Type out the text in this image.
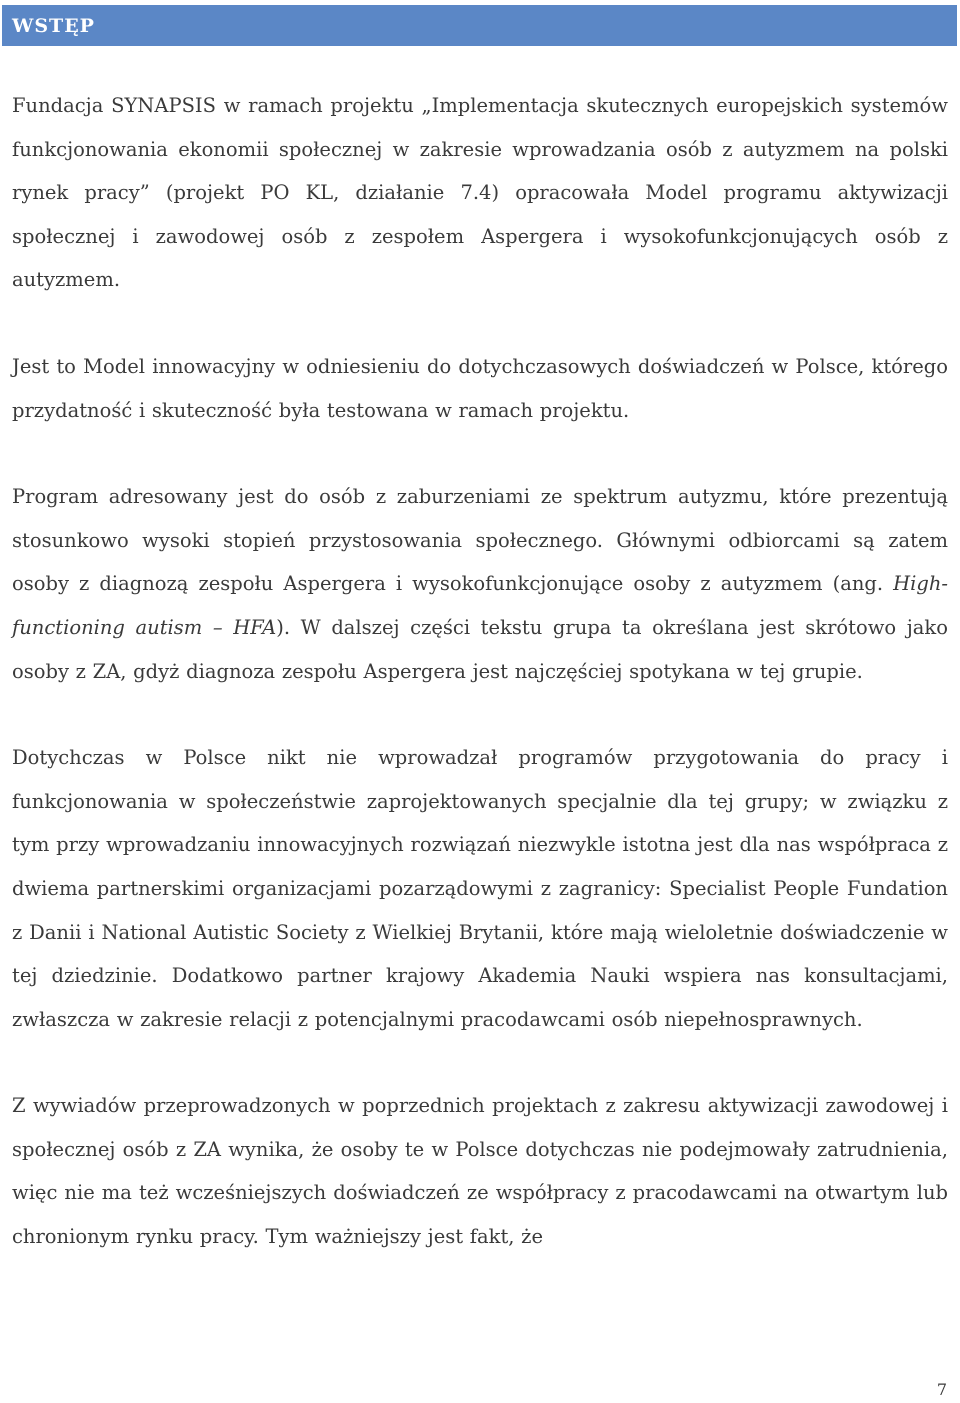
WSTĘP

Fundacja SYNAPSIS w ramach projektu „Implementacja skutecznych europejskich systemów funkcjonowania ekonomii społecznej w zakresie wprowadzania osób z autyzmem na polski rynek pracy” (projekt PO KL, działanie 7.4) opracowała Model programu aktywizacji społecznej i zawodowej osób z zespołem Aspergera i wysokofunkcjonujących osób z autyzmem.

Jest to Model innowacyjny w odniesieniu do dotychczasowych doświadczeń w Polsce, którego przydatność i skuteczność była testowana w ramach projektu.

Program adresowany jest do osób z zaburzeniami ze spektrum autyzmu, które prezentują stosunkowo wysoki stopień przystosowania społecznego. Głównymi odbiorcami są zatem osoby z diagnozą zespołu Aspergera i wysokofunkcjonujące osoby z autyzmem (ang. High-functioning autism – HFA). W dalszej części tekstu grupa ta określana jest skrótowo jako osoby z ZA, gdyż diagnoza zespołu Aspergera jest najczęściej spotykana w tej grupie.

Dotychczas w Polsce nikt nie wprowadzał programów przygotowania do pracy i funkcjonowania w społeczeństwie zaprojektowanych specjalnie dla tej grupy; w związku z tym przy wprowadzaniu innowacyjnych rozwiązań niezwykle istotna jest dla nas współpraca z dwiema partnerskimi organizacjami pozarządowymi z zagranicy: Specialist People Fundation z Danii i National Autistic Society z Wielkiej Brytanii, które mają wieloletnie doświadczenie w tej dziedzinie. Dodatkowo partner krajowy Akademia Nauki wspiera nas konsultacjami, zwłaszcza w zakresie relacji z potencjalnymi pracodawcami osób niepełnosprawnych.

Z wywiadów przeprowadzonych w poprzednich projektach z zakresu aktywizacji zawodowej i społecznej osób z ZA wynika, że osoby te w Polsce dotychczas nie podejmowały zatrudnienia, więc nie ma też wcześniejszych doświadczeń ze współpracy z pracodawcami na otwartym lub chronionym rynku pracy. Tym ważniejszy jest fakt, że

7
